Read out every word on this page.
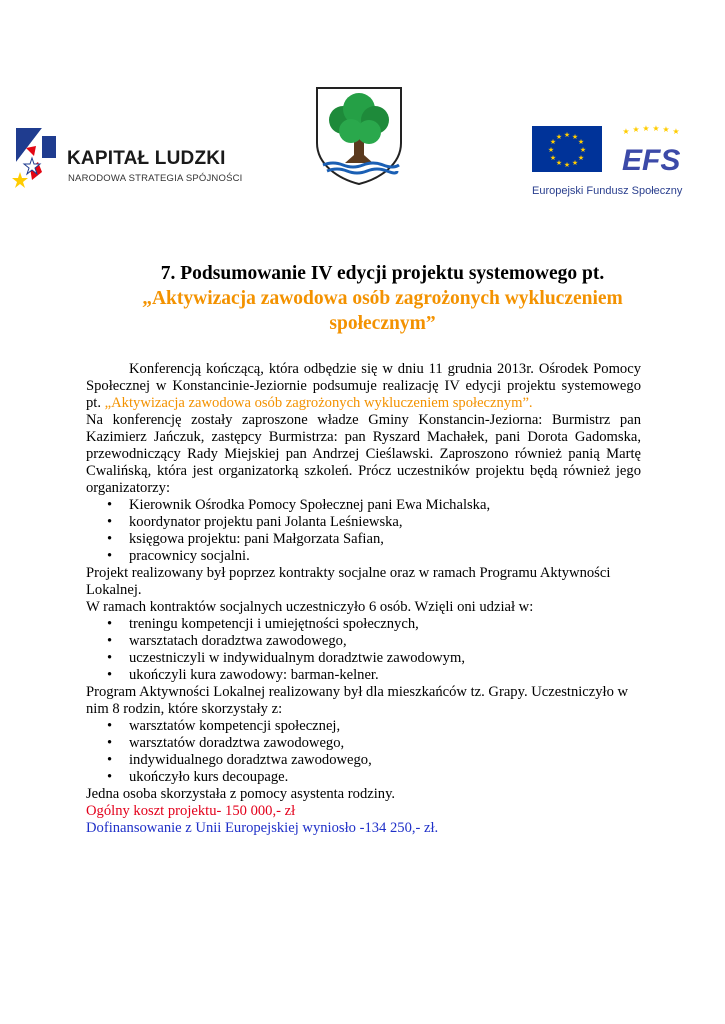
KAPITAŁ LUDZKI
NARODOWA STRATEGIA SPÓJNOŚCI
★ ★
★
★
★
★
★
★
★
★
★
★
★ ★ ★ ★ ★ ★
EFS
Europejski Fundusz Społeczny
7. Podsumowanie IV edycji projektu systemowego pt.
„Aktywizacja zawodowa osób zagrożonych wykluczeniem
społecznym”

Konferencją kończącą, która odbędzie się w dniu 11 grudnia 2013r. Ośrodek Pomocy Społecznej w Konstancinie-Jeziornie podsumuje realizację IV edycji projektu systemowego pt. „Aktywizacja zawodowa osób zagrożonych wykluczeniem społecznym”.

Na konferencję zostały zaproszone władze Gminy Konstancin-Jeziorna: Burmistrz pan Kazimierz Jańczuk, zastępcy Burmistrza: pan Ryszard Machałek, pani Dorota Gadomska, przewodniczący Rady Miejskiej pan Andrzej Cieślawski. Zaproszono również panią Martę Cwalińską, która jest organizatorką szkoleń. Prócz uczestników projektu będą również jego organizatorzy:

• Kierownik Ośrodka Pomocy Społecznej pani Ewa Michalska,
• koordynator projektu pani Jolanta Leśniewska,
• księgowa projektu: pani Małgorzata Safian,
• pracownicy socjalni.

Projekt realizowany był poprzez kontrakty socjalne oraz w ramach Programu Aktywności Lokalnej.

W ramach kontraktów socjalnych uczestniczyło 6 osób. Wzięli oni udział w:

• treningu kompetencji i umiejętności społecznych,
• warsztatach doradztwa zawodowego,
• uczestniczyli w indywidualnym doradztwie zawodowym,
• ukończyli kura zawodowy: barman-kelner.

Program Aktywności Lokalnej realizowany był dla mieszkańców tz. Grapy. Uczestniczyło w nim 8 rodzin, które skorzystały z:

• warsztatów kompetencji społecznej,
• warsztatów doradztwa zawodowego,
• indywidualnego doradztwa zawodowego,
• ukończyło kurs decoupage.

Jedna osoba skorzystała z pomocy asystenta rodziny.

Ogólny koszt projektu- 150 000,- zł

Dofinansowanie z Unii Europejskiej wyniosło -134 250,- zł.
